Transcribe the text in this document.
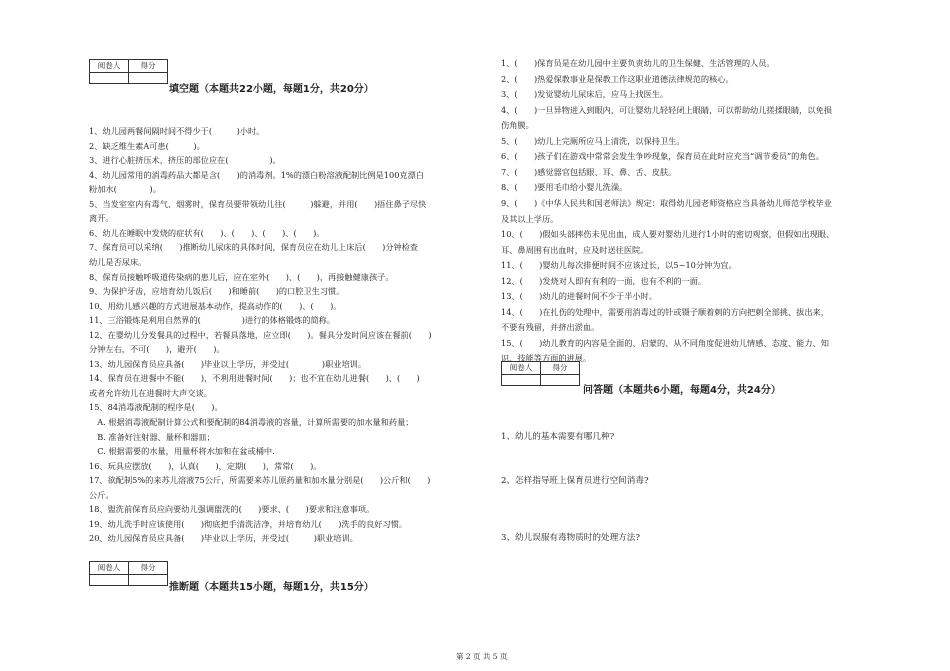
阅卷人	得分
填空题（本题共22小题，每题1分，共20分）
1、幼儿园两餐间隔时间不得少于(　　　)小时。
2、缺乏维生素A可患(　　　)。
3、进行心脏挤压术，挤压的部位应在(　　　　　)。
4、幼儿园常用的消毒药品大都是含(　　)的消毒剂。1%的漂白粉溶液配制比例是100克漂白
粉加水(　　　　)。
5、当发室室内有毒气、烟雾时，保育员要带领幼儿往(　　　)躲避，并用(　　)捂住鼻子尽快
离开。
6、幼儿在睡眠中发烧的症状有(　　)、(　　)、(　　)、(　　)。
7、保育员可以采纳(　　)推断幼儿尿床的具体时间，保育员应在幼儿上床后(　　)分钟检查
幼儿是否尿床。
8、保育员接触呼吸道传染病的患儿后，应在室外(　　)、(　　)，再接触健康孩子。
9、为保护牙齿，应培育幼儿饭后(　　)和睡前(　　)的口腔卫生习惯。
10、用幼儿感兴趣的方式进展基本动作，提高动作的(　　)、(　　)。
11、三浴锻炼是利用自然界的(　　　　　)进行的体格锻炼的简称。
12、在婴幼儿分发餐具的过程中，若餐具落地，应立即(　　)。餐具分发时间应该在餐前(　　)
分钟左右，不可(　　)，避开(　　)。
13、幼儿园保育员应具备(　　)毕业以上学历，并受过(　　　　)职业培训。
14、保育员在进餐中不能(　　)，不利用进餐时间(　　)；也不宜在幼儿进餐(　　)、(　　)
或者允许幼儿在进餐时大声交谈。
15、84消毒液配制的程序是(　　)。
　A. 根据消毒液配制计算公式和要配制的84消毒液的容量，计算所需要的加水量和药量；
　B. 准备好注射器、量杯和器皿；
　C. 根据需要的水量，用量杯将水加和在盆或桶中.
16、玩具应摆放(　　)，认真(　　)，定期(　　)，常常(　　)。
17、欲配制5%的来苏儿溶液75公斤，所需要来苏儿原药量和加水量分别是(　　)公斤和(　　)
公斤。
18、盥洗前保育员应向要幼儿强调盥洗的(　　)要求、(　　)要求和注意事项。
19、幼儿洗手时应该使用(　　)彻底把手清洗洁净，并培育幼儿(　　)洗手的良好习惯。
20、幼儿园保育员应具备(　　)毕业以上学历，并受过(　　　)职业培训。
阅卷人	得分
推断题（本题共15小题，每题1分，共15分）
1、(　　)保育员是在幼儿园中主要负责幼儿的卫生保健、生活管理的人员。
2、(　　)热爱保教事业是保教工作这职业道德法律规范的核心。
3、(　　)发觉婴幼儿尿床后，应马上找医生。
4、(　　)一旦异物进入到眼内，可让婴幼儿轻轻闭上眼睛，可以帮助幼儿搓揉眼睛，以免损
伤角膜。
5、(　　)幼儿上完厕所应马上清洗，以保持卫生。
6、(　　)孩子们在游戏中常常会发生争吵现象，保育员在此时应充当“调节委员”的角色。
7、(　　)感觉器官包括眼、耳、鼻、舌、皮肤。
8、(　　)要用毛巾给小婴儿洗澡。
9、(　　)《中华人民共和国老师法》规定：取得幼儿园老师资格应当具备幼儿师范学校毕业
及其以上学历。
10、(　　)假如头部摔伤未见出血，成人要对婴幼儿进行1小时的密切观察，但假如出现眼、
耳、鼻周围有出血时，应及时送往医院。
11、(　　)婴幼儿每次排便时间不应该过长，以5~10分钟为宜。
12、(　　)发烧对人即有有利的一面，也有不利的一面。
13、(　　)幼儿的进餐时间不少于半小时。
14、(　　)在扎伤的处理中，需要用消毒过的针或镊子顺着刺的方向把刺全部挑、拔出来，
不要有残留，并挤出淤血。
15、(　　)幼儿教育的内容是全面的、启蒙的、从不同角度促进幼儿情感、态度、能力、知
识、技能等方面的进展。
阅卷人	得分
问答题（本题共6小题，每题4分，共24分）
1、幼儿的基本需要有哪几种?
2、怎样指导班上保育员进行空间消毒?
3、幼儿误服有毒物质时的处理方法?
第 2 页 共 5 页
